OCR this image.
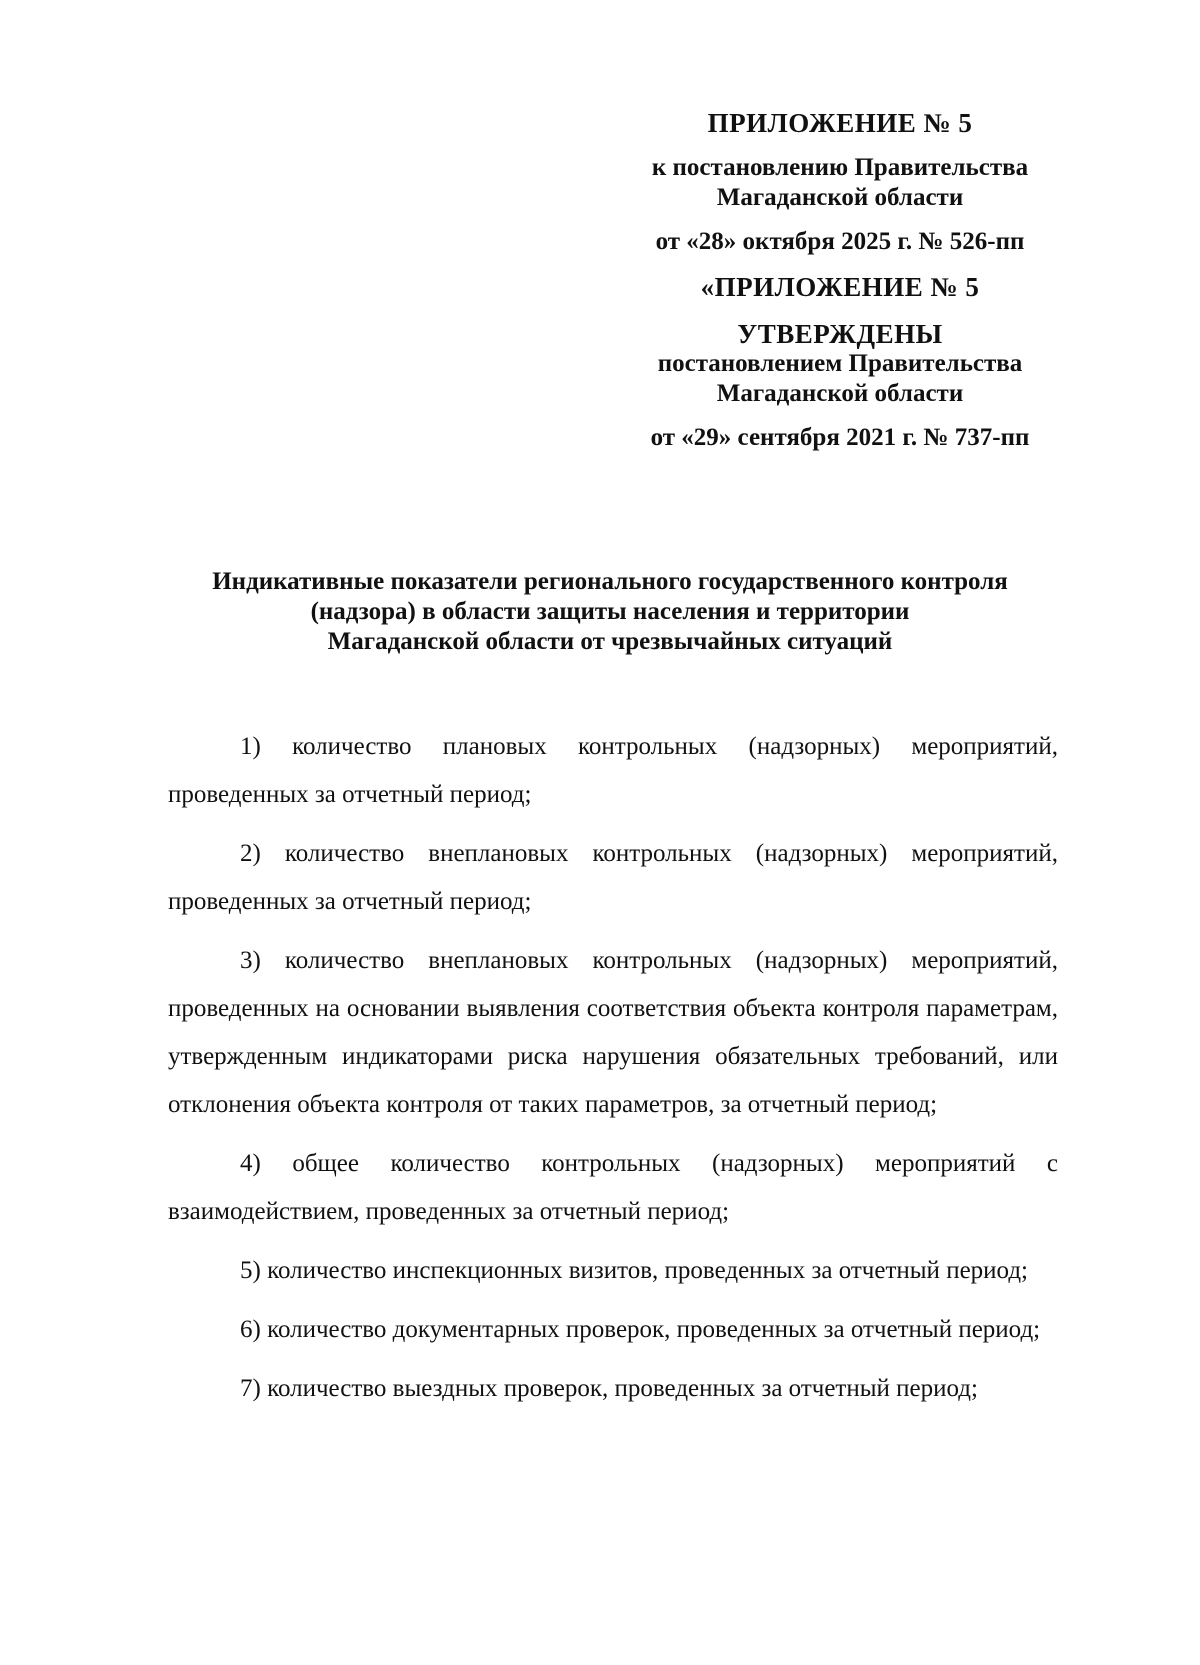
ПРИЛОЖЕНИЕ № 5
к постановлению Правительства
Магаданской области
от «28» октября 2025 г. № 526-пп
«ПРИЛОЖЕНИЕ № 5
УТВЕРЖДЕНЫ
постановлением Правительства
Магаданской области
от «29» сентября 2021 г. № 737-пп
Индикативные показатели регионального государственного контроля
(надзора) в области защиты населения и территории
Магаданской области от чрезвычайных ситуаций

1) количество плановых контрольных (надзорных) мероприятий, проведенных за отчетный период;

2) количество внеплановых контрольных (надзорных) мероприятий, проведенных за отчетный период;

3) количество внеплановых контрольных (надзорных) мероприятий, проведенных на основании выявления соответствия объекта контроля параметрам, утвержденным индикаторами риска нарушения обязательных требований, или отклонения объекта контроля от таких параметров, за отчетный период;

4) общее количество контрольных (надзорных) мероприятий с взаимодействием, проведенных за отчетный период;

5) количество инспекционных визитов, проведенных за отчетный период;

6) количество документарных проверок, проведенных за отчетный период;

7) количество выездных проверок, проведенных за отчетный период;
